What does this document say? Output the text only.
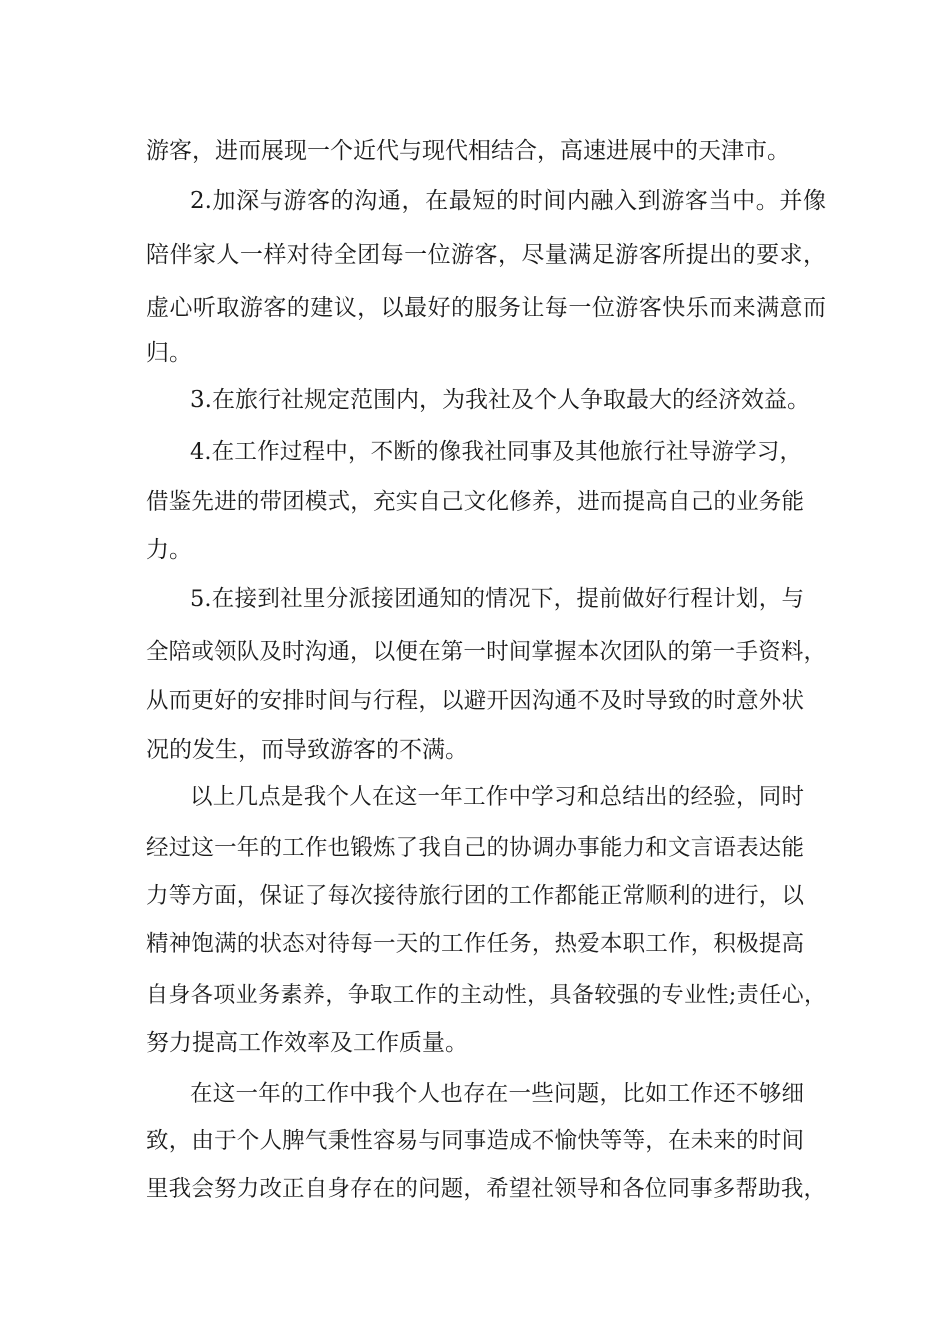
游客，进而展现一个近代与现代相结合，高速进展中的天津市。
2.加深与游客的沟通，在最短的时间内融入到游客当中。并像
陪伴家人一样对待全团每一位游客，尽量满足游客所提出的要求，
虚心听取游客的建议，以最好的服务让每一位游客快乐而来满意而
归。
3.在旅行社规定范围内，为我社及个人争取最大的经济效益。
4.在工作过程中，不断的像我社同事及其他旅行社导游学习，
借鉴先进的带团模式，充实自己文化修养，进而提高自己的业务能
力。
5.在接到社里分派接团通知的情况下，提前做好行程计划，与
全陪或领队及时沟通，以便在第一时间掌握本次团队的第一手资料，
从而更好的安排时间与行程，以避开因沟通不及时导致的时意外状
况的发生，而导致游客的不满。
以上几点是我个人在这一年工作中学习和总结出的经验，同时
经过这一年的工作也锻炼了我自己的协调办事能力和文言语表达能
力等方面，保证了每次接待旅行团的工作都能正常顺利的进行，以
精神饱满的状态对待每一天的工作任务，热爱本职工作，积极提高
自身各项业务素养，争取工作的主动性，具备较强的专业性;责任心，
努力提高工作效率及工作质量。
在这一年的工作中我个人也存在一些问题，比如工作还不够细
致，由于个人脾气秉性容易与同事造成不愉快等等，在未来的时间
里我会努力改正自身存在的问题，希望社领导和各位同事多帮助我，
